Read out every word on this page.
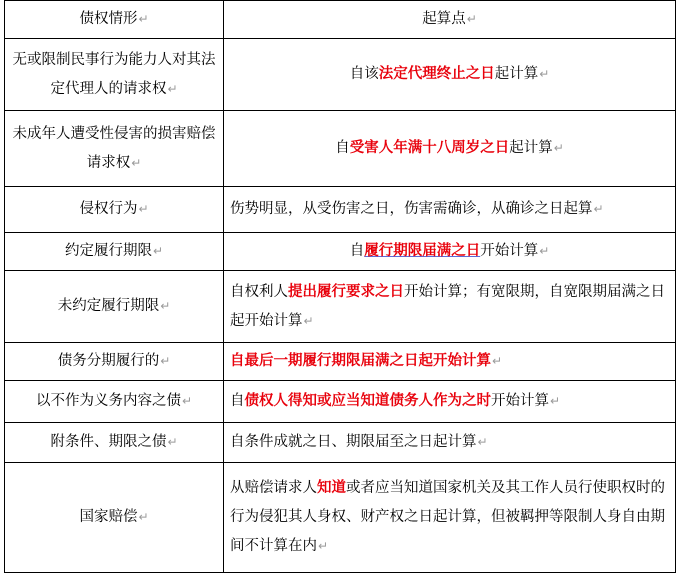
债权情形↵	起算点↵
无或限制民事行为能力人对其法定代理人的请求权↵	自该法定代理终止之日起计算↵
未成年人遭受性侵害的损害赔偿请求权↵	自受害人年满十八周岁之日起计算↵
侵权行为↵	伤势明显，从受伤害之日，伤害需确诊，从确诊之日起算↵
约定履行期限↵	自履行期限届满之日开始计算↵
未约定履行期限↵	自权利人提出履行要求之日开始计算；有宽限期，自宽限期届满之日起开始计算↵
债务分期履行的↵	自最后一期履行期限届满之日起开始计算↵
以不作为义务内容之债↵	自债权人得知或应当知道债务人作为之时开始计算↵
附条件、期限之债↵	自条件成就之日、期限届至之日起计算↵
国家赔偿↵	从赔偿请求人知道或者应当知道国家机关及其工作人员行使职权时的行为侵犯其人身权、财产权之日起计算，但被羁押等限制人身自由期间不计算在内↵
